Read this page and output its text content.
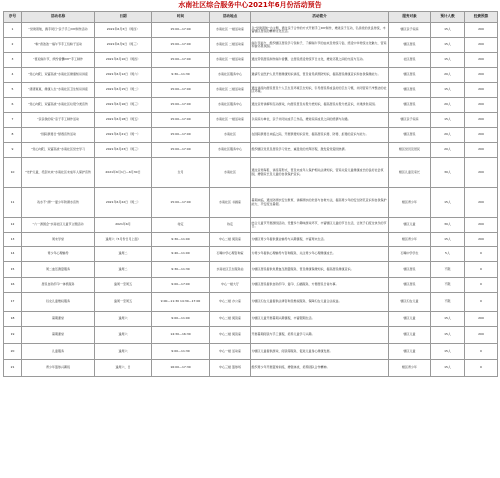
水南社区综合服务中心2021年6月份活动预告
序号	活动名称	日期	时间	活动地点	活动简介	服务对象	预计人数	经费预算
1	“党建领航，携手同行”亲子手工DIY制作活动	2021年6月3日（周四）	15:00—17:00	水南社区 一楼活动室	以“党建领航”为主题，通过亲子合作的方式开展手工DIY制作，增进亲子互动，弘扬党的优良传统，丰富辖区居民的精神文化生活。	辖区亲子家庭	15人	200
2	“粽”香浓浓一端午节手工包粽子活动	2021年6月9日（周三）	15:00—17:00	水南社区 二楼活动室	端午节前夕，组织辖区居民学习包粽子，了解端午节的由来及传统习俗，感受中华传统文化魅力，营造和谐邻里氛围。	辖区居民	15人	200
3	“喜迎端午节，缤纷香囊DIY”手工制作	2021年6月10日（周四）	15:00—17:00	水南社区 一楼活动室	通过带领居民制作端午香囊，让居民感受传统节日文化，增进邻里之间的交流与互动。	社区居民	15人	200
4	“党心向阳，双富高质”水南社区健康知识讲座	2021年6月12日（周六）	9:30—11:30	水南社区服务中心	邀请专业医护人员开展健康知识讲座，普及常见病预防知识，提高居民健康意识和自我保健能力。	辖区居民	20人	200
5	“清清爽爽，健康人生”水南社区卫生知识讲座	2021年6月15日（周二）	15:00—17:00	水南社区 二楼活动室	通过讲座向居民普及个人卫生及环境卫生知识，引导居民养成良好的卫生习惯，共同营造干净整洁的社区环境。	辖区居民	15人	200
6	“党心向阳，双富高质”水南社区垃圾分类宣传	2021年6月16日（周三）	15:00—17:00	水南社区服务中心	通过宣传讲解和互动游戏，向居民普及垃圾分类知识，提高居民垃圾分类意识，共建绿色家园。	辖区居民	20人	200
7	“亲亲我的家”亲子手工制作活动	2021年6月18日（周五）	15:00—17:00	水南社区 一楼活动室	以家庭为单位，亲子共同完成手工作品，增进家庭成员之间的感情与沟通。	辖区亲子家庭	15人	200
8	“国际禁毒日”禁毒宣传活动	2021年6月21日（周一）	15:00—17:00	水南社区	在国际禁毒日来临之际，开展禁毒知识宣传，提高居民识毒、防毒、拒毒的意识与能力。	辖区居民	20人	200
9	“党心向阳，双富高质”水南社区党史学习	2021年6月23日（周三）	15:00—17:00	水南社区服务中心	组织辖区党员及居民学习党史，重温党的光辉历程，激发爱党爱国热情。	辖区党员及居民	20人	200
10	“守护儿童，托起未来”水南社区未成年人保护宣传	2021年6月1日—6月30日	全月	水南社区	通过宣传海报、讲座等形式，普及未成年人保护相关法律知识，营造关爱儿童健康成长的良好社会氛围，增强家长及儿童的自我保护意识。	辖区儿童及家长	30人	200
11	戏水不“溺”一夏少年防溺水宣传	2021年6月22日（周二）	15:00—17:00	水南社区 书画室	暑期来临，通过防溺水安全教育，讲解溺水的危害与自救方法，提高青少年的安全防范意识和自我保护能力，平安度过暑假。	辖区青少年	15人	200
12	“六一游园会”水南社区儿童节主题活动	2021年6月	待定	待定	结合儿童节开展游园活动，设置多个趣味游戏环节，丰富辖区儿童的节日生活，让孩子们度过快乐的节日。	辖区儿童	30人	200
13	周末学堂	逢周六（5月份日月上面）	9:30—11:00	中心二楼 阅读室	为辖区青少年提供课业辅导与兴趣课程，丰富周末生活。	辖区青少年	15人	200
14	青少年心理辅导	逢周二	9:40—11:00	石嘴中学心理咨询室	为青少年提供心理辅导与咨询服务，关注青少年心理健康成长。	石嘴中学学生	5人	0
15	周二血压测量服务	逢周二	9:30—11:30	水南社区卫生服务站	为辖区居民提供免费血压测量服务，普及健康保健知识，提高居民健康意识。	辖区居民	不限	0
16	居民自助打印一体机服务	逢周一至周五	9:00—17:00	中心一楼大厅	为辖区居民提供自助打印、复印、扫描服务，方便居民日常办事。	辖区居民	不限	0
17	妇女儿童维权服务	逢周一至周五	9:00—11:30 14:30—17:00	中心二楼 办公室	为辖区妇女儿童提供法律咨询及维权服务，保障妇女儿童合法权益。	辖区妇女儿童	不限	0
18	暑期课堂	逢周六	9:00—11:00	中心二楼 阅读室	为辖区儿童开展暑期兴趣课程，丰富假期生活。	辖区儿童	15人	200
19	暑期课堂	逢周六	14:30—16:30	中心二楼 阅读室	开展暑期阅读与手工课程，培养儿童学习兴趣。	辖区儿童	15人	200
20	儿童服务	逢周六	9:00—11:30	中心一楼 活动室	为辖区儿童提供游戏、阅读等服务，促进儿童身心健康发展。	辖区儿童	15人	0
21	青少年篮球兴趣班	逢周六、日	16:00—17:30	中心三楼 篮球场	组织青少年开展篮球训练，增强体质，培养团队合作精神。	辖区青少年	15人	0
